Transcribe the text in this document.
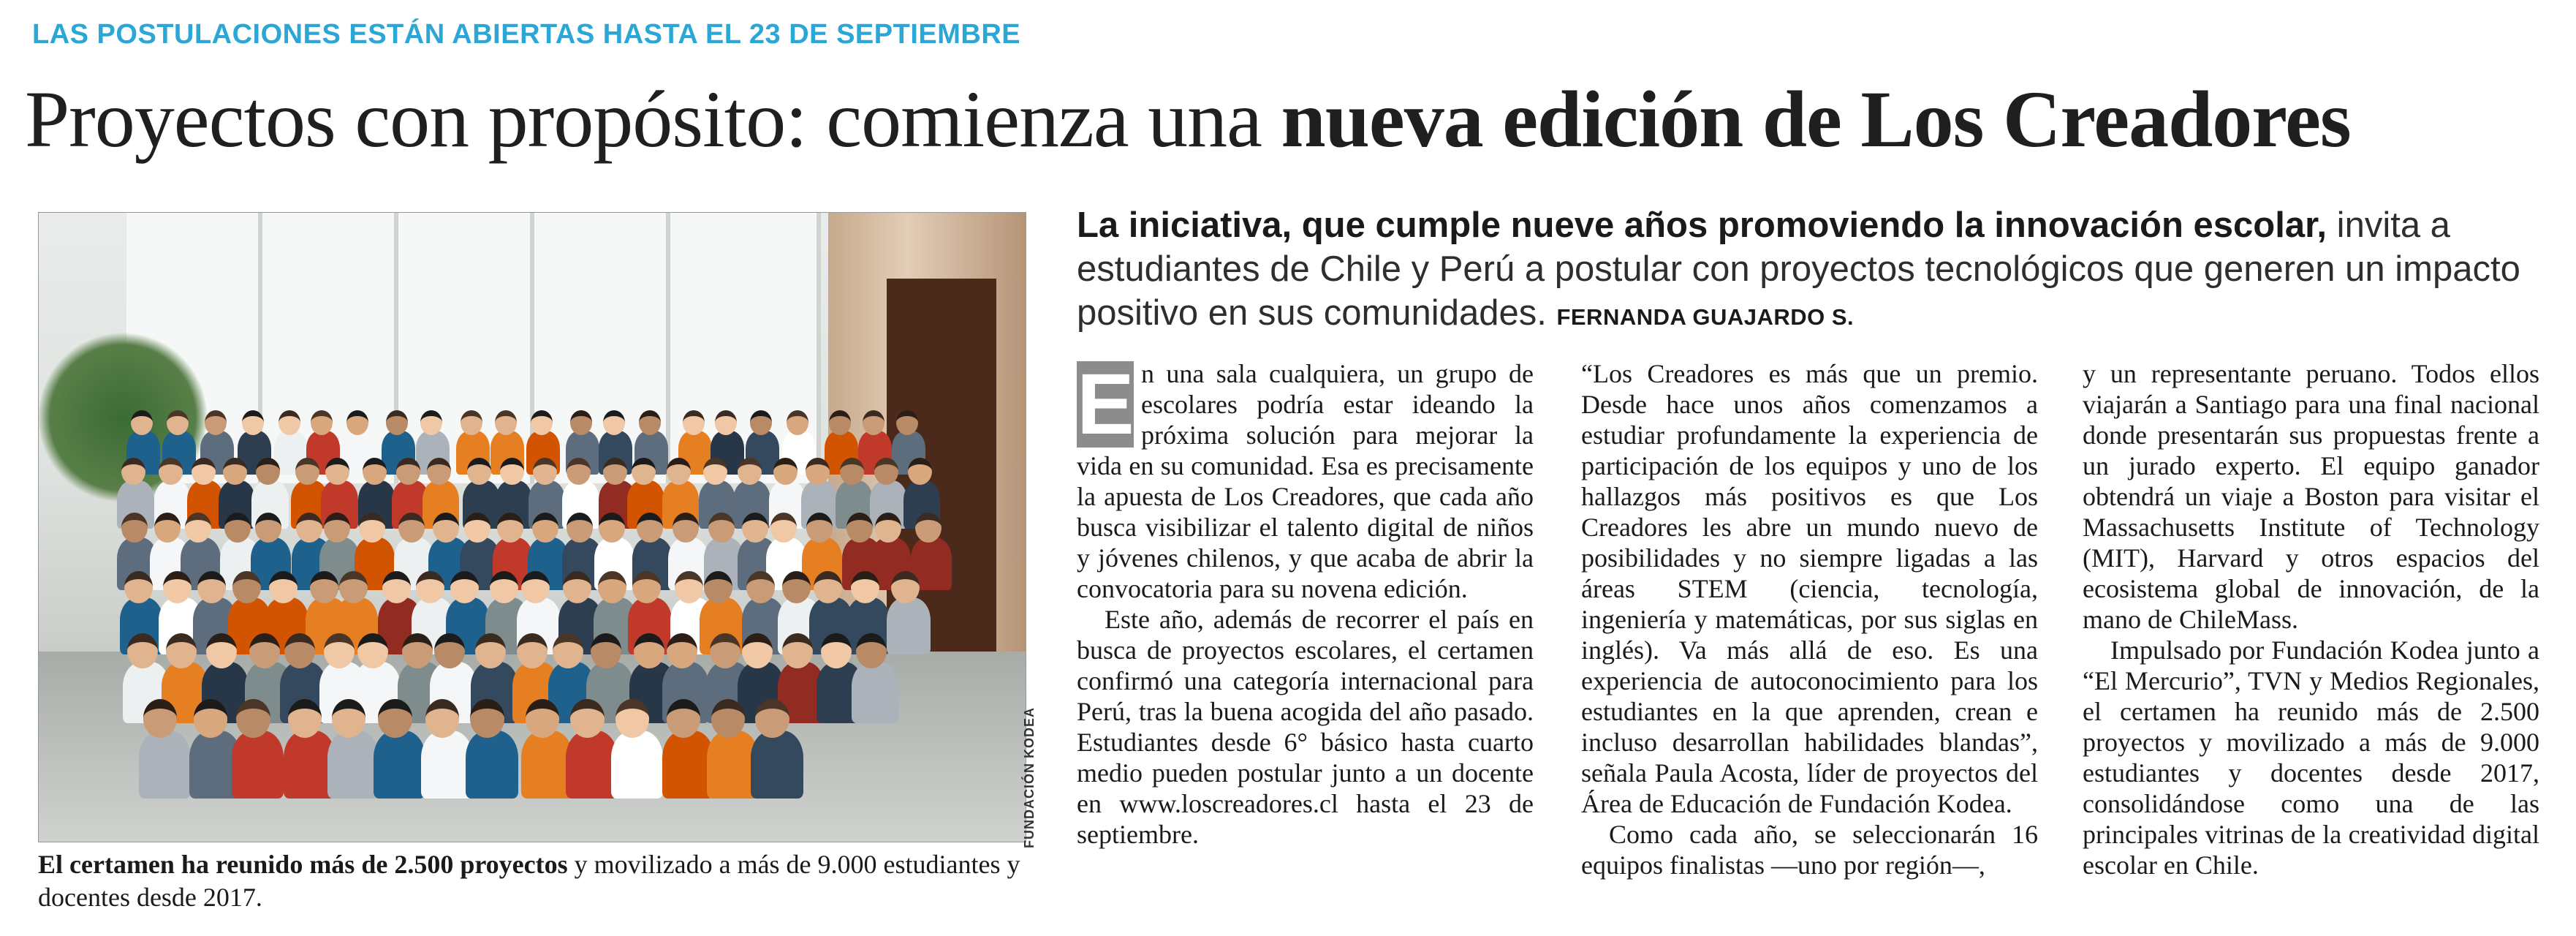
LAS POSTULACIONES ESTÁN ABIERTAS HASTA EL 23 DE SEPTIEMBRE
Proyectos con propósito: comienza una nueva edición de Los Creadores
FUNDACIÓN KODEA
El certamen ha reunido más de 2.500 proyectos y movilizado a más de 9.000 estudiantes y docentes desde 2017.
La iniciativa, que cumple nueve años promoviendo la innovación escolar, invita a estudiantes de Chile y Perú a postular con proyectos tecnológicos que generen un impacto positivo en sus comunidades. FERNANDA GUAJARDO S.

E n una sala cualquiera, un grupo de escolares podría estar ideando la próxima solución para mejorar la vida en su comunidad. Esa es precisamente la apuesta de Los Creadores, que cada año busca visibilizar el talento digital de niños y jóvenes chilenos, y que acaba de abrir la convocatoria para su novena edición.

Este año, además de recorrer el país en busca de proyectos escolares, el certamen confirmó una categoría internacional para Perú, tras la buena acogida del año pasado. Estudiantes desde 6° básico hasta cuarto medio pueden postular junto a un docente en www.loscreadores.cl hasta el 23 de septiembre.

“Los Creadores es más que un premio. Desde hace unos años comenzamos a estudiar profundamente la experiencia de participación de los equipos y uno de los hallazgos más positivos es que Los Creadores les abre un mundo nuevo de posibilidades y no siempre ligadas a las áreas STEM (ciencia, tecnología, ingeniería y matemáticas, por sus siglas en inglés). Va más allá de eso. Es una experiencia de autoconocimiento para los estudiantes en la que aprenden, crean e incluso desarrollan habilidades blandas”, señala Paula Acosta, líder de proyectos del Área de Educación de Fundación Kodea.

Como cada año, se seleccionarán 16 equipos finalistas —uno por región—,

y un representante peruano. Todos ellos viajarán a Santiago para una final nacional donde presentarán sus propuestas frente a un jurado experto. El equipo ganador obtendrá un viaje a Boston para visitar el Massachusetts Institute of Technology (MIT), Harvard y otros espacios del ecosistema global de innovación, de la mano de ChileMass.

Impulsado por Fundación Kodea junto a “El Mercurio”, TVN y Medios Regionales, el certamen ha reunido más de 2.500 proyectos y movilizado a más de 9.000 estudiantes y docentes desde 2017, consolidándose como una de las principales vitrinas de la creatividad digital escolar en Chile.
